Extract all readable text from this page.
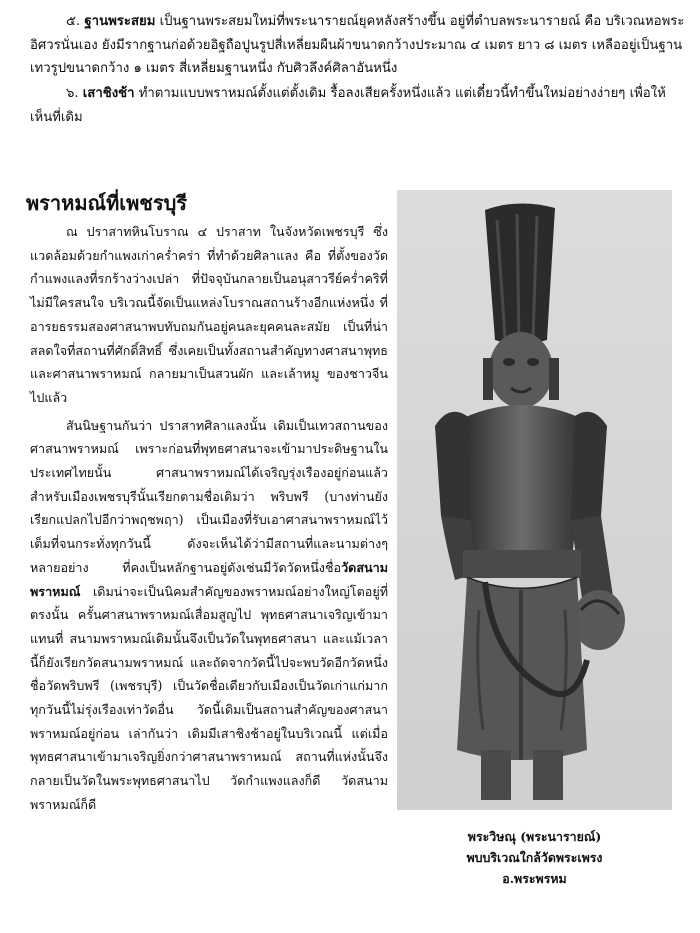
๕. ฐานพระสยม เป็นฐานพระสยมใหม่ที่พระนารายณ์ยุคหลังสร้างขึ้น อยู่ที่ตำบลพระนารายณ์ คือ บริเวณหอพระอิศวรนั่นเอง ยังมีรากฐานก่อด้วยอิฐถือปูนรูปสี่เหลี่ยมผืนผ้าขนาดกว้างประมาณ ๔ เมตร ยาว ๘ เมตร เหลืออยู่เป็นฐานเทวรูปขนาดกว้าง ๑ เมตร สี่เหลี่ยมฐานหนึ่ง กับศิวลึงค์ศิลาอันหนึ่ง

๖. เสาชิงช้า ทำตามแบบพราหมณ์ตั้งแต่ตั้งเดิม รื้อลงเสียครั้งหนึ่งแล้ว แต่เดี๋ยวนี้ทำขึ้นใหม่อย่างง่ายๆ เพื่อให้เห็นที่เดิม

พราหมณ์ที่เพชรบุรี

ณ ปราสาทหินโบราณ ๔ ปราสาท ในจังหวัดเพชรบุรี ซึ่งแวดล้อมด้วยกำแพงเก่าคร่ำคร่า ที่ทำด้วยศิลาแลง คือ ที่ตั้งของวัดกำแพงแลงที่รกร้างว่างเปล่า ที่ปัจจุบันกลายเป็นอนุสาวรีย์คร่ำคริที่ไม่มีใครสนใจ บริเวณนี้จัดเป็นแหล่งโบราณสถานร้างอีกแห่งหนึ่ง ที่อารยธรรมสองศาสนาพบทับถมกันอยู่คนละยุคคนละสมัย เป็นที่น่าสลดใจที่สถานที่ศักดิ์สิทธิ์ ซึ่งเคยเป็นทั้งสถานสำคัญทางศาสนาพุทธ และศาสนาพราหมณ์ กลายมาเป็นสวนผัก และเล้าหมู ของชาวจีนไปแล้ว

สันนิษฐานกันว่า ปราสาทศิลาแลงนั้น เดิมเป็นเทวสถานของศาสนาพราหมณ์ เพราะก่อนที่พุทธศาสนาจะเข้ามาประดิษฐานในประเทศไทยนั้น ศาสนาพราหมณ์ได้เจริญรุ่งเรืองอยู่ก่อนแล้ว สำหรับเมืองเพชรบุรีนั้นเรียกตามชื่อเดิมว่า พริบพรี (บางท่านยังเรียกแปลกไปอีกว่าพฤชพฤา) เป็นเมืองที่รับเอาศาสนาพราหมณ์ไว้เต็มที่จนกระทั่งทุกวันนี้ ดังจะเห็นได้ว่ามีสถานที่และนามต่างๆ หลายอย่าง ที่คงเป็นหลักฐานอยู่ดังเช่นมีวัดวัดหนึ่งชื่อวัดสนามพราหมณ์ เดิมน่าจะเป็นนิคมสำคัญของพราหมณ์อย่างใหญ่โตอยู่ที่ตรงนั้น ครั้นศาสนาพราหมณ์เสื่อมสูญไป พุทธศาสนาเจริญเข้ามาแทนที่ สนามพราหมณ์เดิมนั้นจึงเป็นวัดในพุทธศาสนา และแม้เวลานี้ก็ยังเรียกวัดสนามพราหมณ์ และถัดจากวัดนี้ไปจะพบวัดอีกวัดหนึ่งชื่อวัดพริบพรี (เพชรบุรี) เป็นวัดชื่อเดียวกับเมืองเป็นวัดเก่าแก่มาก ทุกวันนี้ไม่รุ่งเรืองเท่าวัดอื่น วัดนี้เดิมเป็นสถานสำคัญของศาสนาพราหมณ์อยู่ก่อน เล่ากันว่า เดิมมีเสาชิงช้าอยู่ในบริเวณนี้ แต่เมื่อพุทธศาสนาเข้ามาเจริญยิ่งกว่าศาสนาพราหมณ์ สถานที่แห่งนั้นจึงกลายเป็นวัดในพระพุทธศาสนาไป วัดกำแพงแลงก็ดี วัดสนามพราหมณ์ก็ดี

พระวิษณุ (พระนารายณ์)
พบบริเวณใกล้วัดพระเพรง
อ.พระพรหม
